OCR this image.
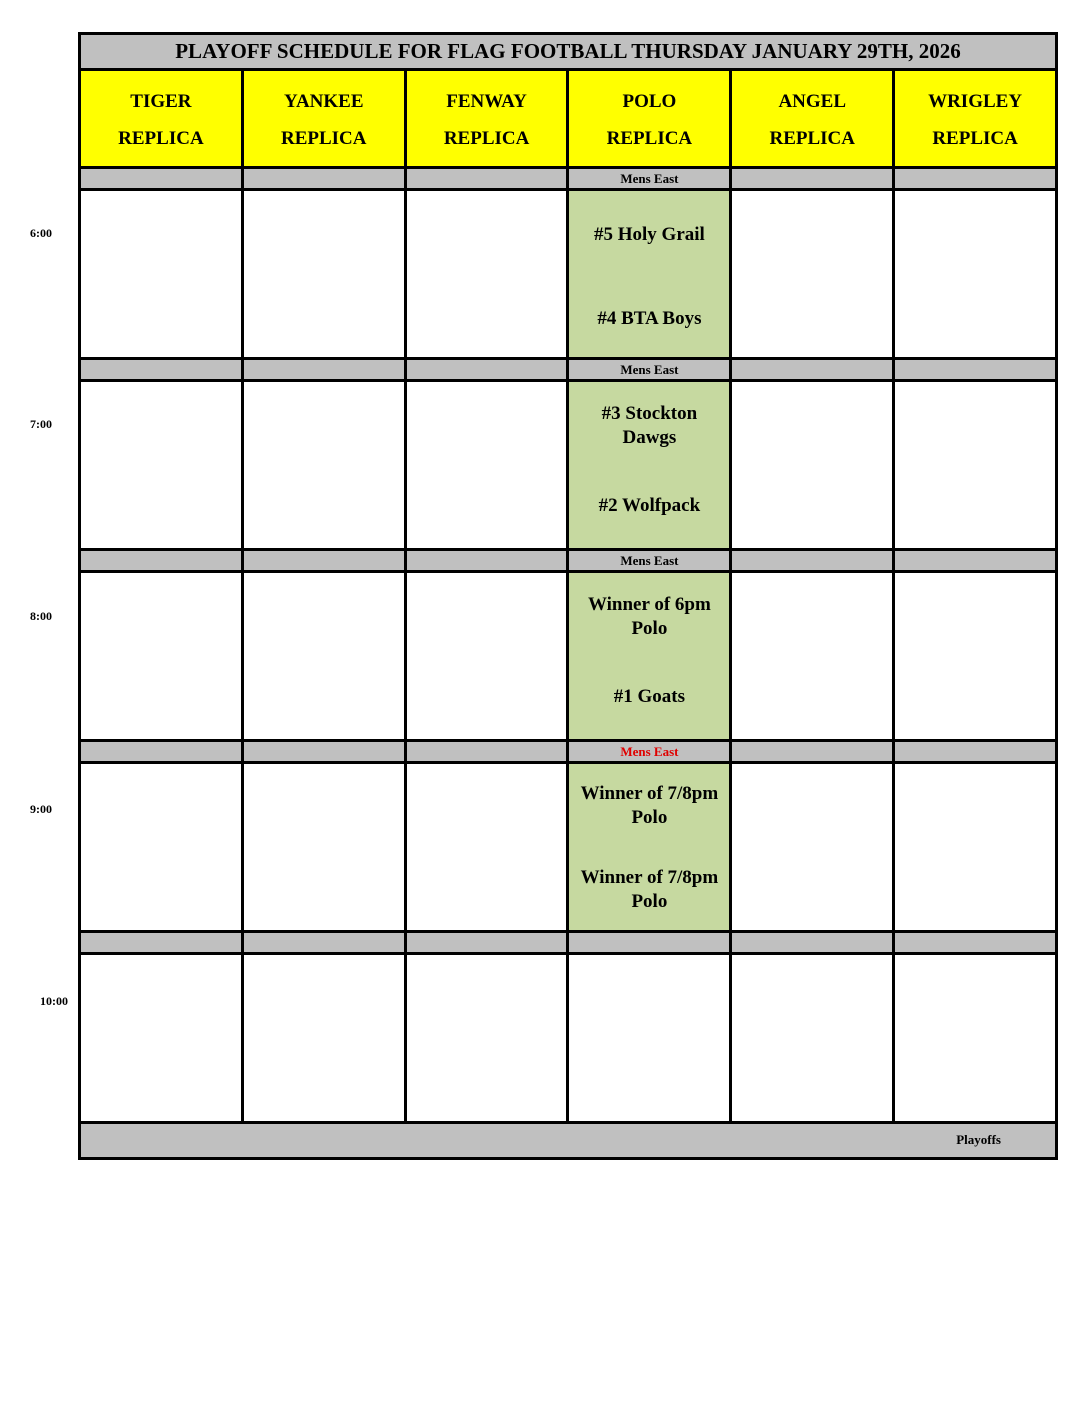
6:00
7:00
8:00
9:00
10:00
PLAYOFF SCHEDULE FOR FLAG FOOTBALL THURSDAY JANUARY 29TH, 2026
TIGER
REPLICA
YANKEE
REPLICA
FENWAY
REPLICA
POLO
REPLICA
ANGEL
REPLICA
WRIGLEY
REPLICA
Mens East
#5 Holy Grail
#4 BTA Boys
Mens East
#3 Stockton Dawgs
#2 Wolfpack
Mens East
Winner of 6pm Polo
#1 Goats
Mens East
Winner of 7/8pm Polo
Winner of 7/8pm Polo
Playoffs
